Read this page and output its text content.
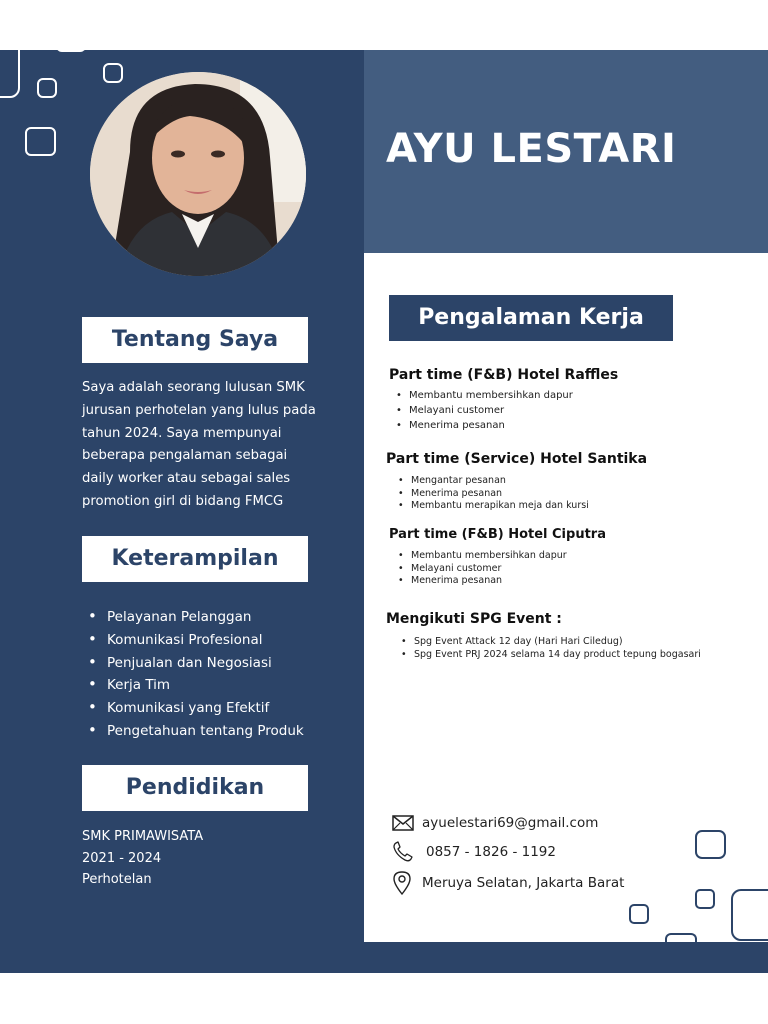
AYU LESTARI
Tentang Saya
Saya adalah seorang lulusan SMK
jurusan perhotelan yang lulus pada
tahun 2024. Saya mempunyai
beberapa pengalaman sebagai
daily worker atau sebagai sales
promotion girl di bidang FMCG
Keterampilan
• Pelayanan Pelanggan
• Komunikasi Profesional
• Penjualan dan Negosiasi
• Kerja Tim
• Komunikasi yang Efektif
• Pengetahuan tentang Produk
Pendidikan
SMK PRIMAWISATA
2021 - 2024
Perhotelan
Pengalaman Kerja
Part time (F&B) Hotel Raffles
• Membantu membersihkan dapur
• Melayani customer
• Menerima pesanan
Part time (Service) Hotel Santika
• Mengantar pesanan
• Menerima pesanan
• Membantu merapikan meja dan kursi
Part time (F&B) Hotel Ciputra
• Membantu membersihkan dapur
• Melayani customer
• Menerima pesanan
Mengikuti SPG Event :
• Spg Event Attack 12 day (Hari Hari Ciledug)
• Spg Event PRJ 2024 selama 14 day product tepung bogasari
ayuelestari69@gmail.com
0857 - 1826 - 1192
Meruya Selatan, Jakarta Barat
